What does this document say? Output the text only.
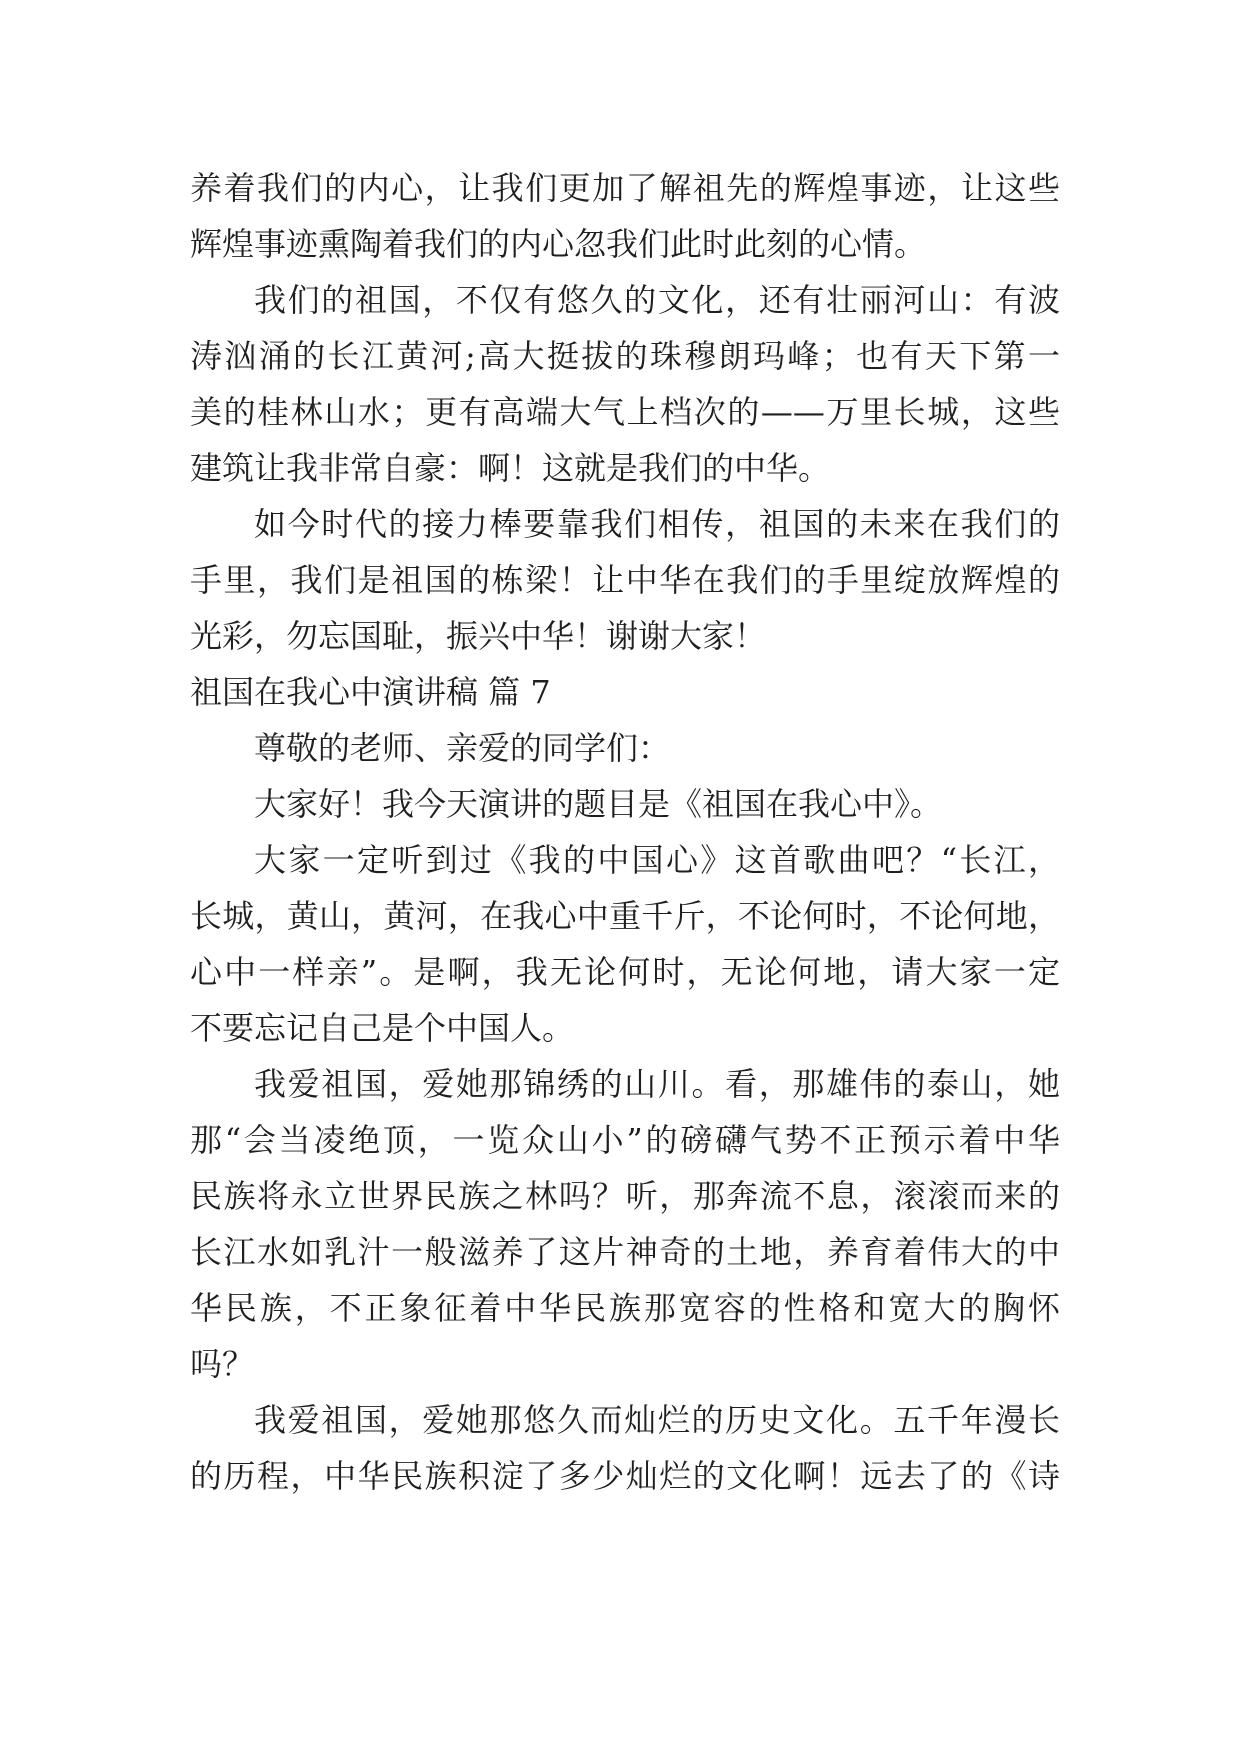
养着我们的内心，让我们更加了解祖先的辉煌事迹，让这些
辉煌事迹熏陶着我们的内心忽我们此时此刻的心情。
我们的祖国，不仅有悠久的文化，还有壮丽河山：有波
涛汹涌的长江黄河;高大挺拔的珠穆朗玛峰；也有天下第一
美的桂林山水；更有高端大气上档次的——万里长城，这些
建筑让我非常自豪：啊！这就是我们的中华。
如今时代的接力棒要靠我们相传，祖国的未来在我们的
手里，我们是祖国的栋梁！让中华在我们的手里绽放辉煌的
光彩，勿忘国耻，振兴中华！谢谢大家！
祖国在我心中演讲稿 篇 7
尊敬的老师、亲爱的同学们：
大家好！我今天演讲的题目是《祖国在我心中》。
大家一定听到过《我的中国心》这首歌曲吧？“长江，
长城，黄山，黄河，在我心中重千斤，不论何时，不论何地，
心中一样亲”。是啊，我无论何时，无论何地，请大家一定
不要忘记自己是个中国人。
我爱祖国，爱她那锦绣的山川。看，那雄伟的泰山，她
那“会当凌绝顶，一览众山小”的磅礴气势不正预示着中华
民族将永立世界民族之林吗？听，那奔流不息，滚滚而来的
长江水如乳汁一般滋养了这片神奇的土地，养育着伟大的中
华民族，不正象征着中华民族那宽容的性格和宽大的胸怀
吗？
我爱祖国，爱她那悠久而灿烂的历史文化。五千年漫长
的历程，中华民族积淀了多少灿烂的文化啊！远去了的《诗
